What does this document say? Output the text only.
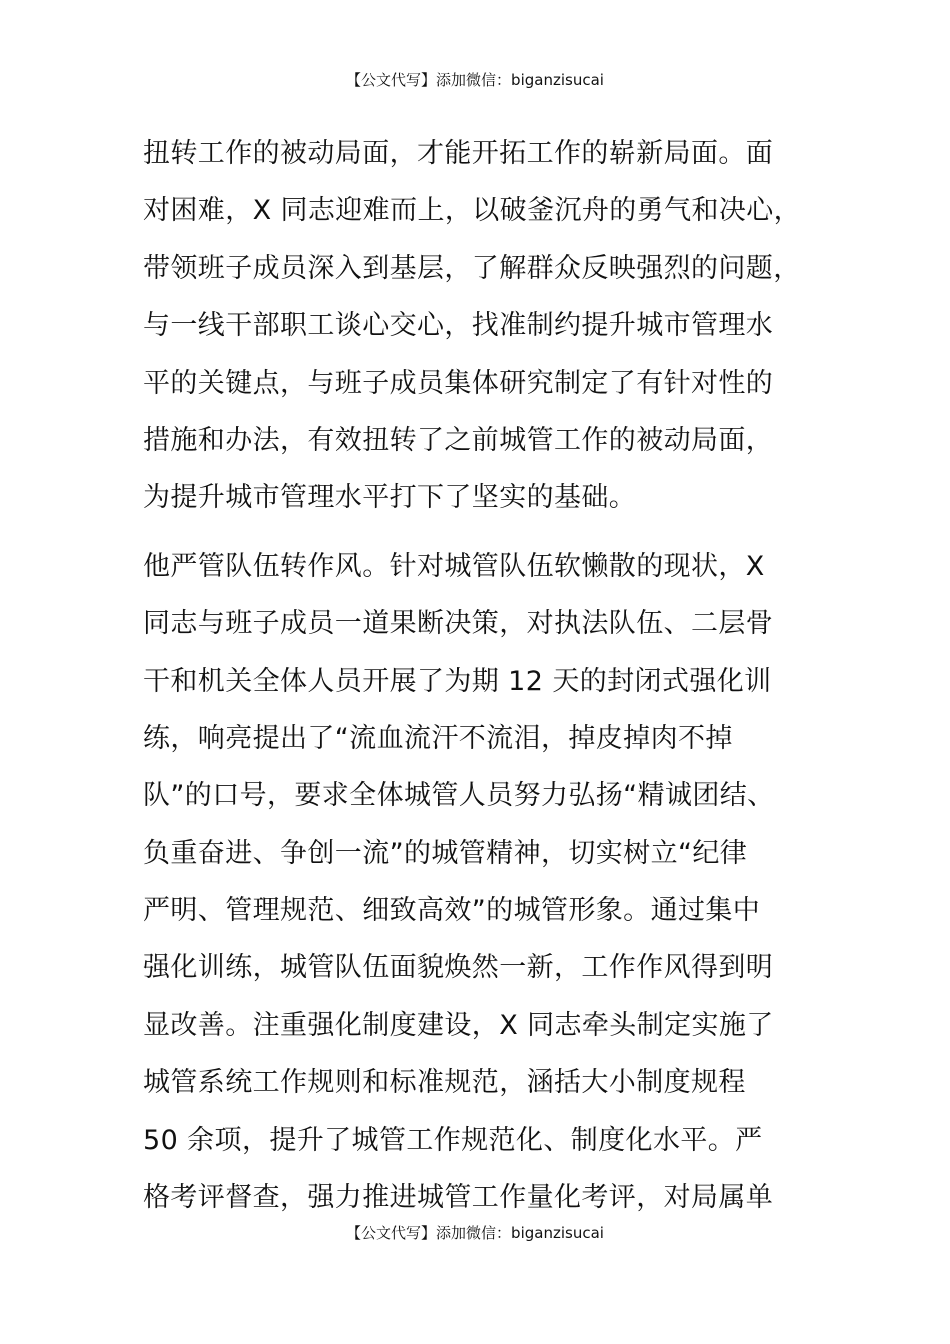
【公文代写】添加微信：biganzisucai
扭转工作的被动局面，才能开拓工作的崭新局面。面
对困难，X 同志迎难而上，以破釜沉舟的勇气和决心，
带领班子成员深入到基层，了解群众反映强烈的问题，
与一线干部职工谈心交心，找准制约提升城市管理水
平的关键点，与班子成员集体研究制定了有针对性的
措施和办法，有效扭转了之前城管工作的被动局面，
为提升城市管理水平打下了坚实的基础。
他严管队伍转作风。针对城管队伍软懒散的现状，X
同志与班子成员一道果断决策，对执法队伍、二层骨
干和机关全体人员开展了为期 12 天的封闭式强化训
练，响亮提出了“流血流汗不流泪，掉皮掉肉不掉
队”的口号，要求全体城管人员努力弘扬“精诚团结、
负重奋进、争创一流”的城管精神，切实树立“纪律
严明、管理规范、细致高效”的城管形象。通过集中
强化训练，城管队伍面貌焕然一新，工作作风得到明
显改善。注重强化制度建设，X 同志牵头制定实施了
城管系统工作规则和标准规范，涵括大小制度规程
50 余项，提升了城管工作规范化、制度化水平。严
格考评督查，强力推进城管工作量化考评，对局属单
【公文代写】添加微信：biganzisucai
